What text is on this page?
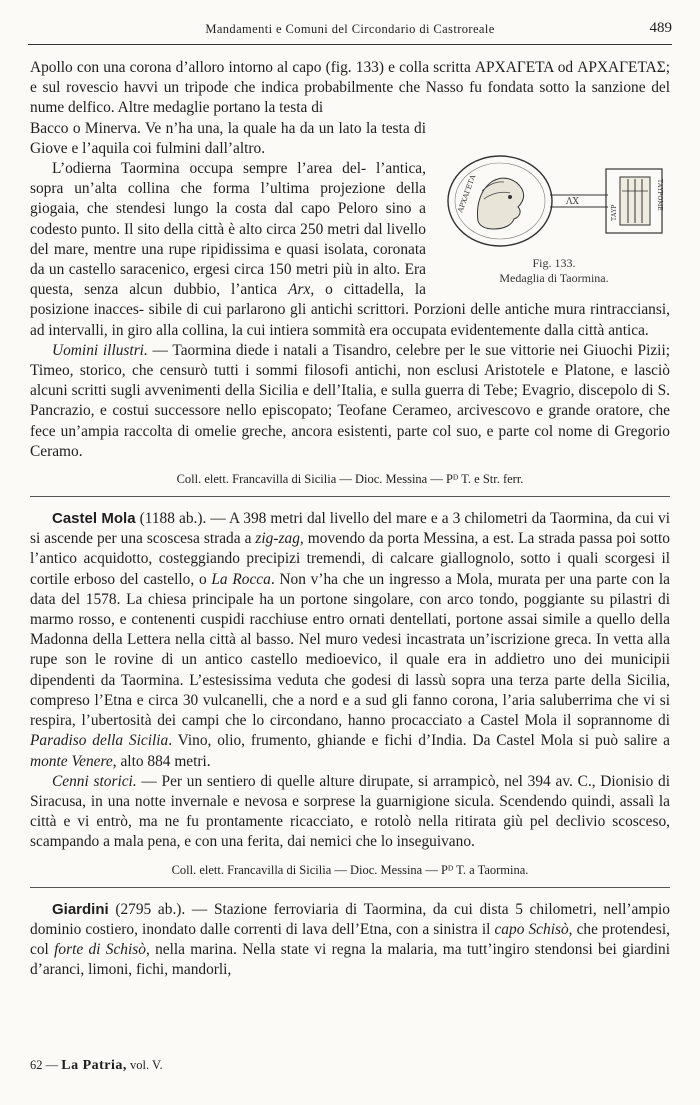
Mandamenti e Comuni del Circondario di Castroreale	489

Apollo con una corona d’alloro intorno al capo (fig. 133) e colla scritta ΑΡΧΑΓΕΤΑ od ΑΡΧΑΓΕΤΑΣ; e sul rovescio havvi un tripode che indica probabilmente che Nasso fu fondata sotto la sanzione del nume delfico. Altre medaglie portano la testa di

ΑΡΧΑΓΕΤΑ	ΛΧ
ΤΑΥΡ
ΤΑΥΡΟΜΕ
Fig. 133.
Medaglia di Taormina.

Bacco o Minerva. Ve n’ha una, la quale ha da un lato la testa di Giove e l’aquila coi fulmini dall’altro.

L’odierna Taormina occupa sempre l’area del- l’antica, sopra un’alta collina che forma l’ultima projezione della giogaia, che stendesi lungo la costa dal capo Peloro sino a codesto punto. Il sito della città è alto circa 250 metri dal livello del mare, mentre una rupe ripidissima e quasi isolata, coronata da un castello saracenico, ergesi circa 150 metri più in alto. Era questa, senza alcun dubbio, l’antica Arx, o cittadella, la posizione inacces- sibile di cui parlarono gli antichi scrittori. Porzioni delle antiche mura rintracciansi, ad intervalli, in giro alla collina, la cui intiera sommità era occupata evidentemente dalla città antica.

Uomini illustri. — Taormina diede i natali a Tisandro, celebre per le sue vittorie nei Giuochi Pizii; Timeo, storico, che censurò tutti i sommi filosofi antichi, non esclusi Aristotele e Platone, e lasciò alcuni scritti sugli avvenimenti della Sicilia e dell’Italia, e sulla guerra di Tebe; Evagrio, discepolo di S. Pancrazio, e costui successore nello episcopato; Teofane Cerameo, arcivescovo e grande oratore, che fece un’ampia raccolta di omelie greche, ancora esistenti, parte col suo, e parte col nome di Gregorio Ceramo.

Coll. elett. Francavilla di Sicilia — Dioc. Messina — Pᴰ T. e Str. ferr.

Castel Mola (1188 ab.). — A 398 metri dal livello del mare e a 3 chilometri da Taormina, da cui vi si ascende per una scoscesa strada a zig-zag, movendo da porta Messina, a est. La strada passa poi sotto l’antico acquidotto, costeggiando precipizi tremendi, di calcare giallognolo, sotto i quali scorgesi il cortile erboso del castello, o La Rocca. Non v’ha che un ingresso a Mola, murata per una parte con la data del 1578. La chiesa principale ha un portone singolare, con arco tondo, poggiante su pilastri di marmo rosso, e contenenti cuspidi racchiuse entro ornati dentellati, portone assai simile a quello della Madonna della Lettera nella città al basso. Nel muro vedesi incastrata un’iscrizione greca. In vetta alla rupe son le rovine di un antico castello medioevico, il quale era in addietro uno dei municipii dipendenti da Taormina. L’estesissima veduta che godesi di lassù sopra una terza parte della Sicilia, compreso l’Etna e circa 30 vulcanelli, che a nord e a sud gli fanno corona, l’aria saluberrima che vi si respira, l’ubertosità dei campi che lo circondano, hanno procacciato a Castel Mola il soprannome di Paradiso della Sicilia. Vino, olio, frumento, ghiande e fichi d’India. Da Castel Mola si può salire a monte Venere, alto 884 metri.

Cenni storici. — Per un sentiero di quelle alture dirupate, si arrampicò, nel 394 av. C., Dionisio di Siracusa, in una notte invernale e nevosa e sorprese la guarnigione sicula. Scendendo quindi, assalì la città e vi entrò, ma ne fu prontamente ricacciato, e rotolò nella ritirata giù pel declivio scosceso, scampando a mala pena, e con una ferita, dai nemici che lo inseguivano.

Coll. elett. Francavilla di Sicilia — Dioc. Messina — Pᴰ T. a Taormina.

Giardini (2795 ab.). — Stazione ferroviaria di Taormina, da cui dista 5 chilometri, nell’ampio dominio costiero, inondato dalle correnti di lava dell’Etna, con a sinistra il capo Schisò, che protendesi, col forte di Schisò, nella marina. Nella state vi regna la malaria, ma tutt’ingiro stendonsi bei giardini d’aranci, limoni, fichi, mandorli,

62 — La Patria, vol. V.
